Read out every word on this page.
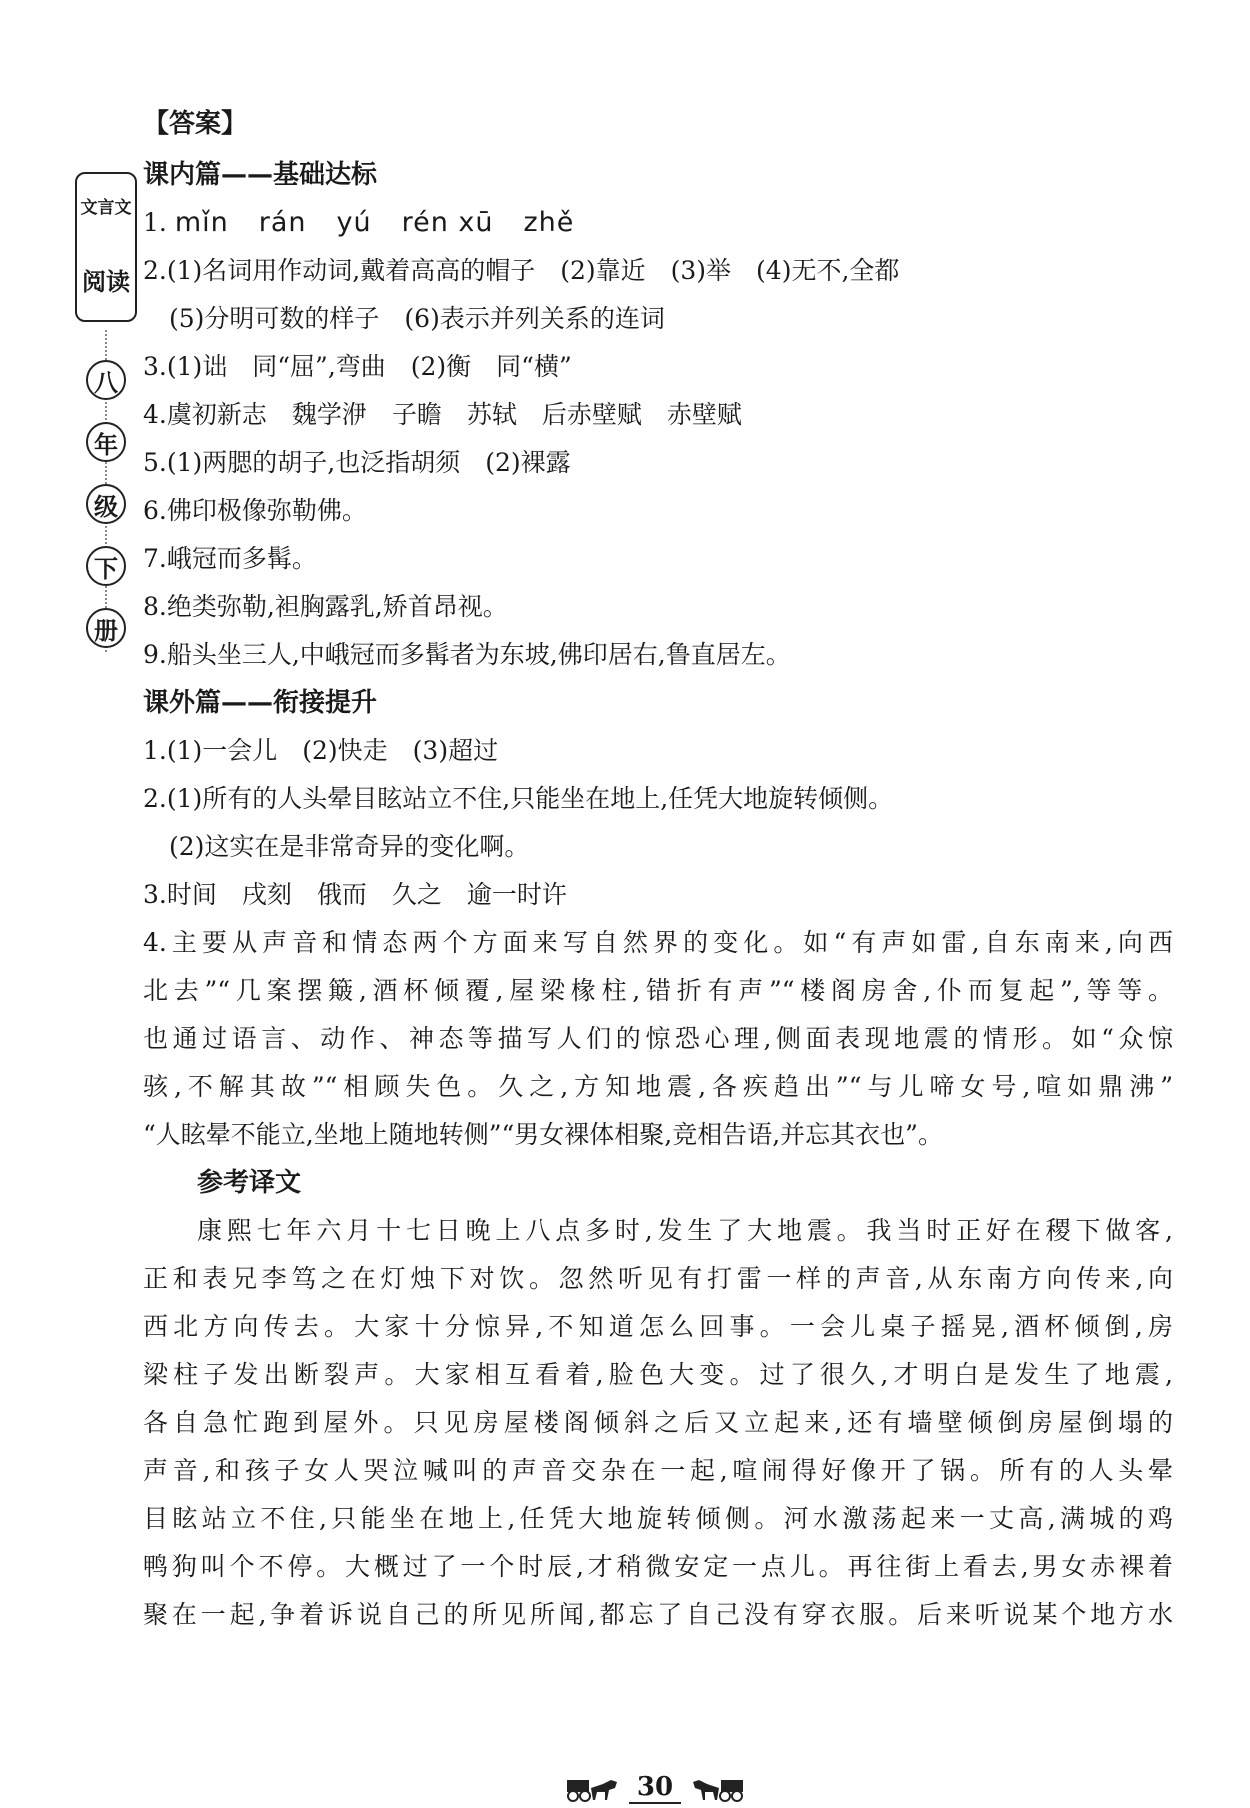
文言文
阅读
八
年
级
下
册
【答案】
课内篇——基础达标
1. mǐn rán yú rén xū zhě
2.(1)名词用作动词,戴着高高的帽子　(2)靠近　(3)举　(4)无不,全都
(5)分明可数的样子　(6)表示并列关系的连词
3.(1)诎　同“屈”,弯曲　(2)衡　同“横”
4.虞初新志　魏学洢　子瞻　苏轼　后赤壁赋　赤壁赋
5.(1)两腮的胡子,也泛指胡须　(2)裸露
6.佛印极像弥勒佛。
7.峨冠而多髯。
8.绝类弥勒,袒胸露乳,矫首昂视。
9.船头坐三人,中峨冠而多髯者为东坡,佛印居右,鲁直居左。
课外篇——衔接提升
1.(1)一会儿　(2)快走　(3)超过
2.(1)所有的人头晕目眩站立不住,只能坐在地上,任凭大地旋转倾侧。
(2)这实在是非常奇异的变化啊。
3.时间　戌刻　俄而　久之　逾一时许
4.主要从声音和情态两个方面来写自然界的变化。如“有声如雷,自东南来,向西
北去”“几案摆簸,酒杯倾覆,屋梁椽柱,错折有声”“楼阁房舍,仆而复起”,等等。
也通过语言、动作、神态等描写人们的惊恐心理,侧面表现地震的情形。如“众惊
骇,不解其故”“相顾失色。久之,方知地震,各疾趋出”“与儿啼女号,喧如鼎沸”
“人眩晕不能立,坐地上随地转侧”“男女裸体相聚,竞相告语,并忘其衣也”。
参考译文
康熙七年六月十七日晚上八点多时,发生了大地震。我当时正好在稷下做客,
正和表兄李笃之在灯烛下对饮。忽然听见有打雷一样的声音,从东南方向传来,向
西北方向传去。大家十分惊异,不知道怎么回事。一会儿桌子摇晃,酒杯倾倒,房
梁柱子发出断裂声。大家相互看着,脸色大变。过了很久,才明白是发生了地震,
各自急忙跑到屋外。只见房屋楼阁倾斜之后又立起来,还有墙壁倾倒房屋倒塌的
声音,和孩子女人哭泣喊叫的声音交杂在一起,喧闹得好像开了锅。所有的人头晕
目眩站立不住,只能坐在地上,任凭大地旋转倾侧。河水激荡起来一丈高,满城的鸡
鸭狗叫个不停。大概过了一个时辰,才稍微安定一点儿。再往街上看去,男女赤裸着
聚在一起,争着诉说自己的所见所闻,都忘了自己没有穿衣服。后来听说某个地方水
30
